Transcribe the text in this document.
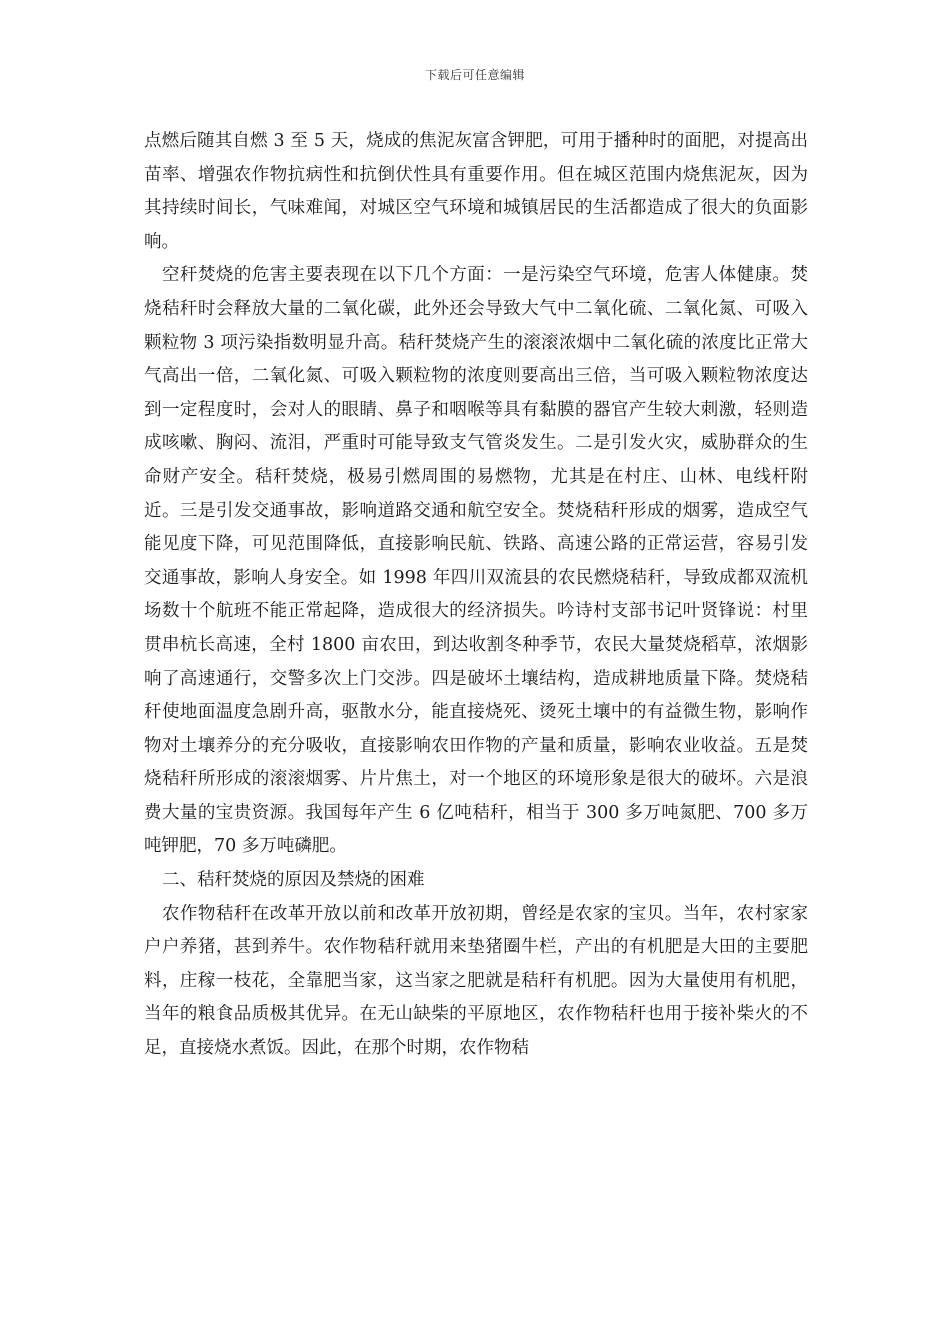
下载后可任意编辑

点燃后随其自燃 3 至 5 天，烧成的焦泥灰富含钾肥，可用于播种时的面肥，对提高出苗率、增强农作物抗病性和抗倒伏性具有重要作用。但在城区范围内烧焦泥灰，因为其持续时间长，气味难闻，对城区空气环境和城镇居民的生活都造成了很大的负面影响。

空秆焚烧的危害主要表现在以下几个方面：一是污染空气环境，危害人体健康。焚烧秸秆时会释放大量的二氧化碳，此外还会导致大气中二氧化硫、二氧化氮、可吸入颗粒物 3 项污染指数明显升高。秸秆焚烧产生的滚滚浓烟中二氧化硫的浓度比正常大气高出一倍，二氧化氮、可吸入颗粒物的浓度则要高出三倍，当可吸入颗粒物浓度达到一定程度时，会对人的眼睛、鼻子和咽喉等具有黏膜的器官产生较大刺激，轻则造成咳嗽、胸闷、流泪，严重时可能导致支气管炎发生。二是引发火灾，威胁群众的生命财产安全。秸秆焚烧，极易引燃周围的易燃物，尤其是在村庄、山林、电线杆附近。三是引发交通事故，影响道路交通和航空安全。焚烧秸秆形成的烟雾，造成空气能见度下降，可见范围降低，直接影响民航、铁路、高速公路的正常运营，容易引发交通事故，影响人身安全。如 1998 年四川双流县的农民燃烧秸秆，导致成都双流机场数十个航班不能正常起降，造成很大的经济损失。吟诗村支部书记叶贤锋说：村里贯串杭长高速，全村 1800 亩农田，到达收割冬种季节，农民大量焚烧稻草，浓烟影响了高速通行，交警多次上门交涉。四是破坏土壤结构，造成耕地质量下降。焚烧秸秆使地面温度急剧升高，驱散水分，能直接烧死、烫死土壤中的有益微生物，影响作物对土壤养分的充分吸收，直接影响农田作物的产量和质量，影响农业收益。五是焚烧秸秆所形成的滚滚烟雾、片片焦土，对一个地区的环境形象是很大的破坏。六是浪费大量的宝贵资源。我国每年产生 6 亿吨秸秆，相当于 300 多万吨氮肥、700 多万吨钾肥，70 多万吨磷肥。

二、秸秆焚烧的原因及禁烧的困难

农作物秸秆在改革开放以前和改革开放初期，曾经是农家的宝贝。当年，农村家家户户养猪，甚到养牛。农作物秸秆就用来垫猪圈牛栏，产出的有机肥是大田的主要肥料，庄稼一枝花，全靠肥当家，这当家之肥就是秸秆有机肥。因为大量使用有机肥，当年的粮食品质极其优异。在无山缺柴的平原地区，农作物秸秆也用于接补柴火的不足，直接烧水煮饭。因此，在那个时期，农作物秸
